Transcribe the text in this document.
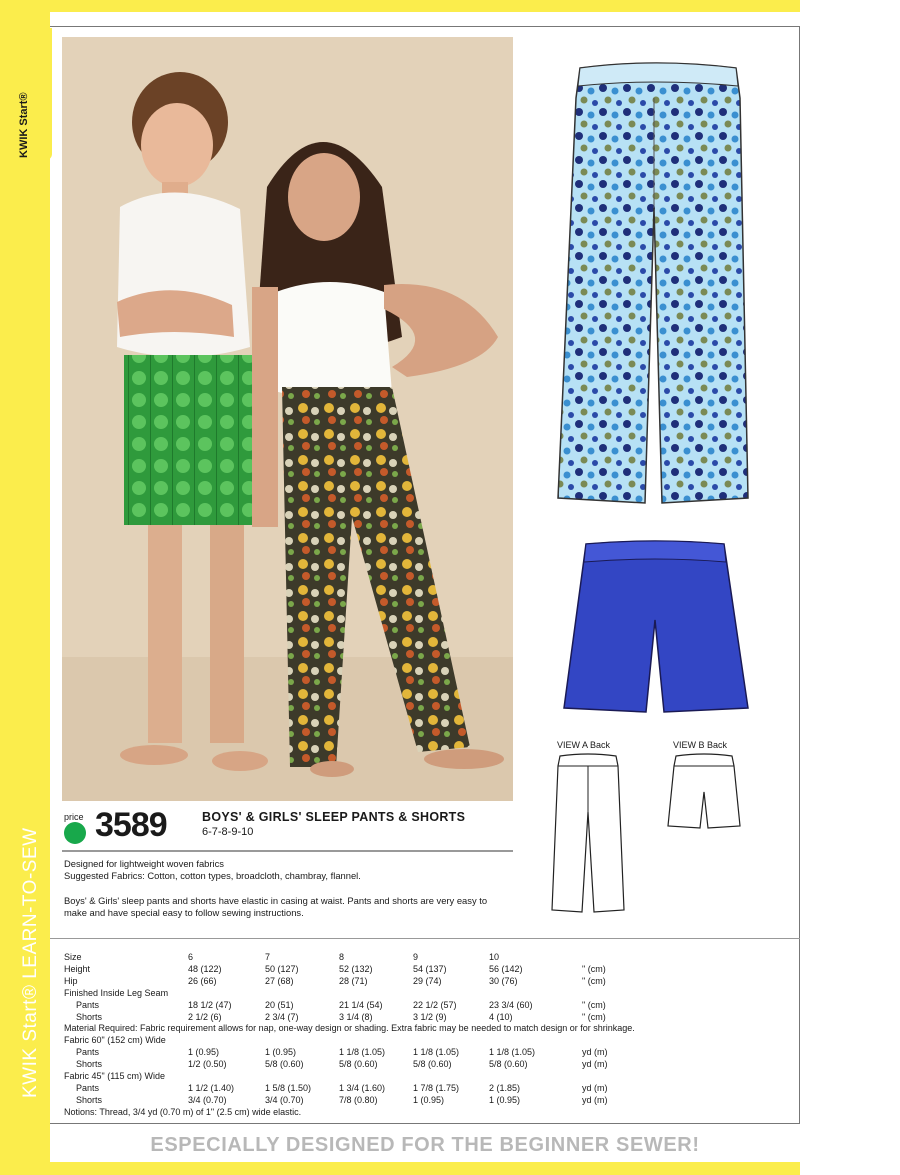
KWIK Start®
KWIK Start® LEARN-TO-SEW
VIEW A Back	VIEW B Back
price 3589	BOYS' & GIRLS' SLEEP PANTS & SHORTS
6-7-8-9-10
Designed for lightweight woven fabrics
Suggested Fabrics: Cotton, cotton types, broadcloth, chambray, flannel.
Boys' & Girls' sleep pants and shorts have elastic in casing at waist. Pants and shorts are very easy to make and have special easy to follow sewing instructions.
Size	6	7	8	9	10
Height	48 (122)	50 (127)	52 (132)	54 (137)	56 (142)	" (cm)
Hip	26 (66)	27 (68)	28 (71)	29 (74)	30 (76)	" (cm)
Finished Inside Leg Seam
Pants	18 1/2 (47)	20 (51)	21 1/4 (54)	22 1/2 (57)	23 3/4 (60)	" (cm)
Shorts	2 1/2 (6)	2 3/4 (7)	3 1/4 (8)	3 1/2 (9)	4 (10)	" (cm)
Material Required: Fabric requirement allows for nap, one-way design or shading. Extra fabric may be needed to match design or for shrinkage.
Fabric 60" (152 cm) Wide
Pants	1 (0.95)	1 (0.95)	1 1/8 (1.05)	1 1/8 (1.05)	1 1/8 (1.05)	yd (m)
Shorts	1/2 (0.50)	5/8 (0.60)	5/8 (0.60)	5/8 (0.60)	5/8 (0.60)	yd (m)
Fabric 45" (115 cm) Wide
Pants	1 1/2 (1.40)	1 5/8 (1.50)	1 3/4 (1.60)	1 7/8 (1.75)	2 (1.85)	yd (m)
Shorts	3/4 (0.70)	3/4 (0.70)	7/8 (0.80)	1 (0.95)	1 (0.95)	yd (m)
Notions: Thread, 3/4 yd (0.70 m) of 1" (2.5 cm) wide elastic.
ESPECIALLY DESIGNED FOR THE BEGINNER SEWER!
